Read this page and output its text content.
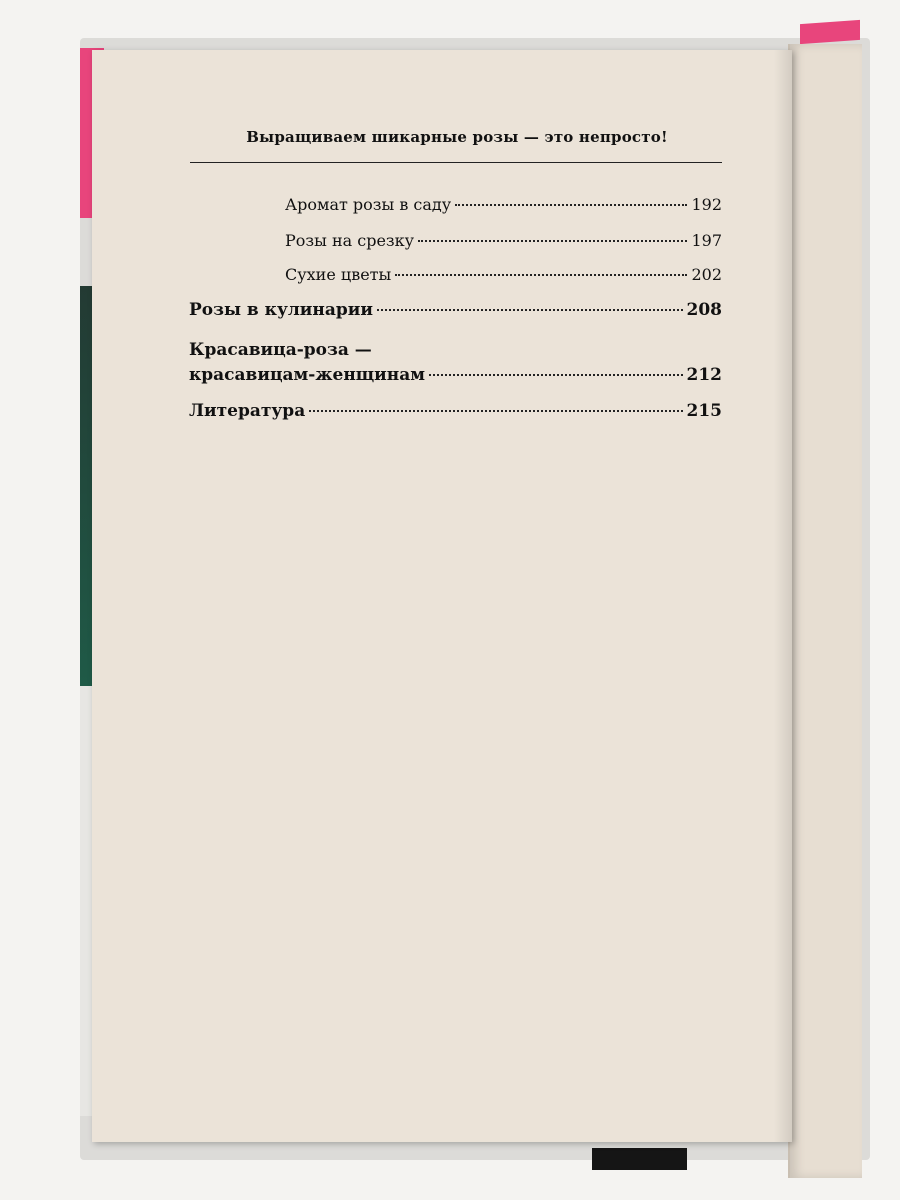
Выращиваем шикарные розы — это непросто!
Аромат розы в саду	192
Розы на срезку	197
Сухие цветы	202
Розы в кулинарии	208
Красавица-роза —
красавицам-женщинам	212
Литература	215
